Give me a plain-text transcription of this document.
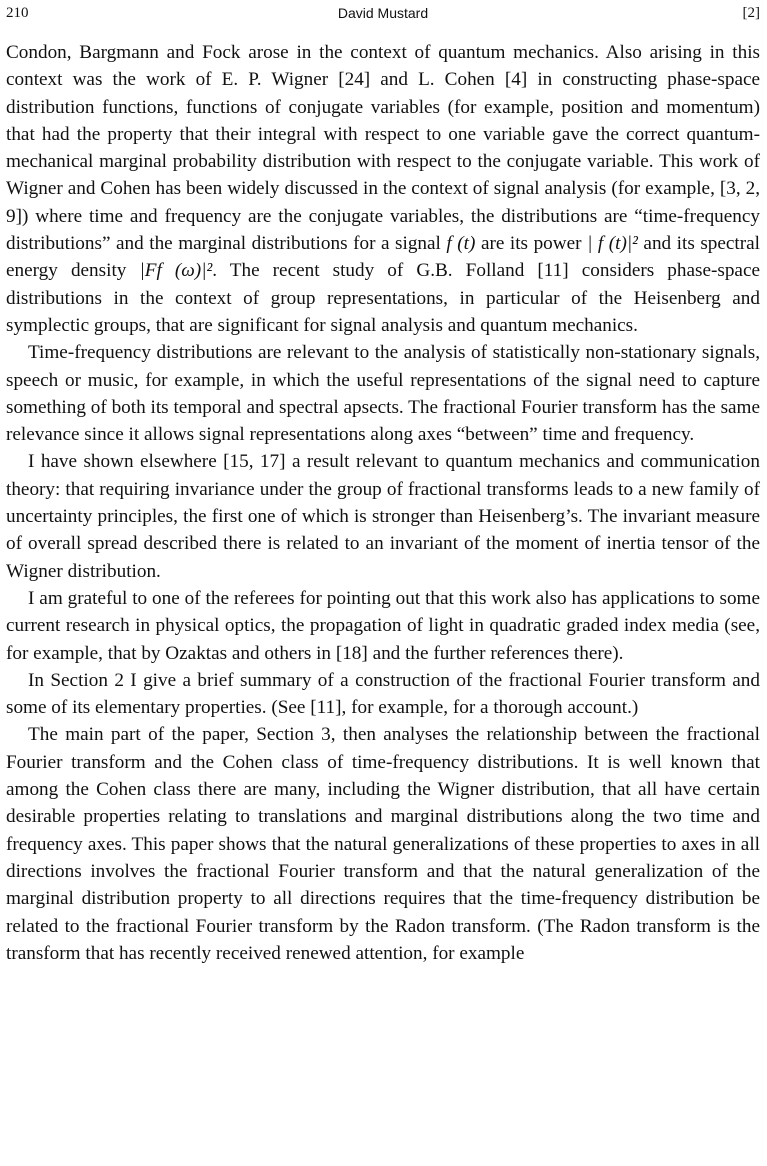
210	David Mustard	[2]

Condon, Bargmann and Fock arose in the context of quantum mechanics. Also arising in this context was the work of E. P. Wigner [24] and L. Cohen [4] in constructing phase-space distribution functions, functions of conjugate variables (for example, position and momentum) that had the property that their integral with respect to one variable gave the correct quantum-mechanical marginal probability distribution with respect to the conjugate variable. This work of Wigner and Cohen has been widely discussed in the context of signal analysis (for example, [3, 2, 9]) where time and frequency are the conjugate variables, the distributions are “time-frequency distributions” and the marginal distributions for a signal f (t) are its power | f (t)|² and its spectral energy density |Ff (ω)|². The recent study of G.B. Folland [11] considers phase-space distributions in the context of group representations, in particular of the Heisenberg and symplectic groups, that are significant for signal analysis and quantum mechanics.

Time-frequency distributions are relevant to the analysis of statistically non-stationary signals, speech or music, for example, in which the useful representations of the signal need to capture something of both its temporal and spectral apsects. The fractional Fourier transform has the same relevance since it allows signal representations along axes “between” time and frequency.

I have shown elsewhere [15, 17] a result relevant to quantum mechanics and communication theory: that requiring invariance under the group of fractional transforms leads to a new family of uncertainty principles, the first one of which is stronger than Heisenberg’s. The invariant measure of overall spread described there is related to an invariant of the moment of inertia tensor of the Wigner distribution.

I am grateful to one of the referees for pointing out that this work also has applications to some current research in physical optics, the propagation of light in quadratic graded index media (see, for example, that by Ozaktas and others in [18] and the further references there).

In Section 2 I give a brief summary of a construction of the fractional Fourier transform and some of its elementary properties. (See [11], for example, for a thorough account.)

The main part of the paper, Section 3, then analyses the relationship between the fractional Fourier transform and the Cohen class of time-frequency distributions. It is well known that among the Cohen class there are many, including the Wigner distribution, that all have certain desirable properties relating to translations and marginal distributions along the two time and frequency axes. This paper shows that the natural generalizations of these properties to axes in all directions involves the fractional Fourier transform and that the natural generalization of the marginal distribution property to all directions requires that the time-frequency distribution be related to the fractional Fourier transform by the Radon transform. (The Radon transform is the transform that has recently received renewed attention, for example
